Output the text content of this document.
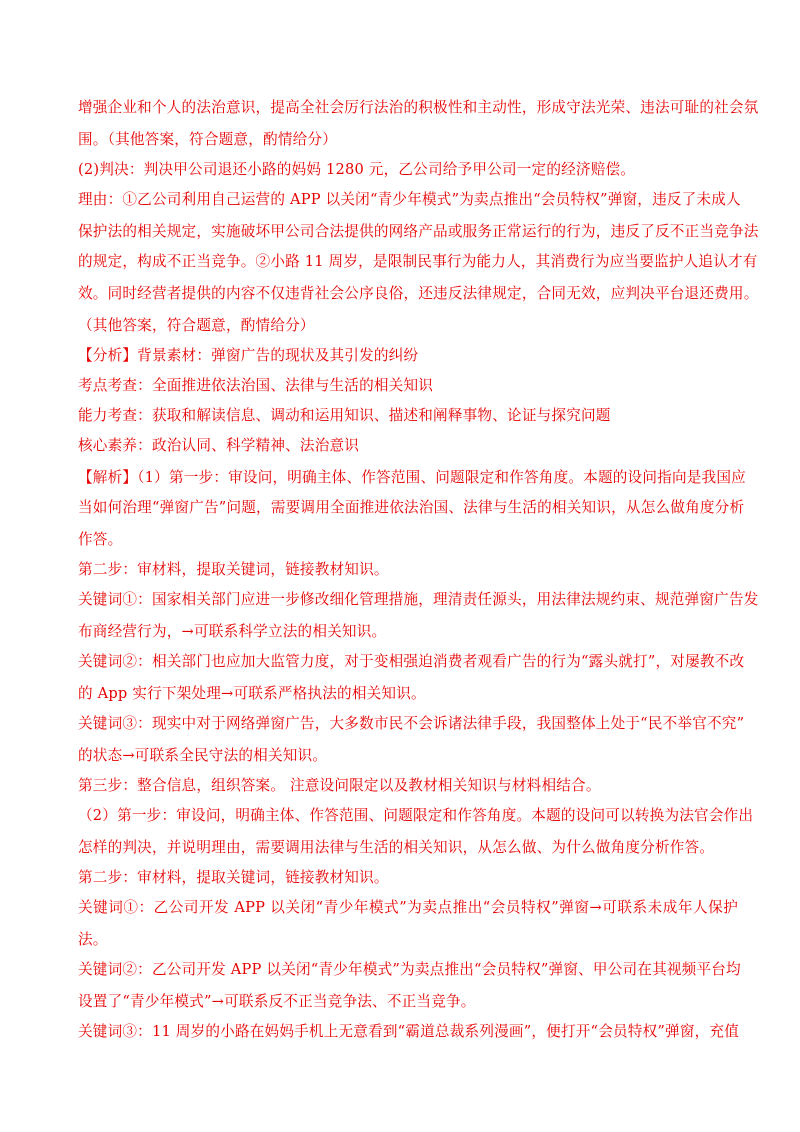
增强企业和个人的法治意识，提高全社会厉行法治的积极性和主动性，形成守法光荣、违法可耻的社会氛
围。（其他答案，符合题意，酌情给分）
(2)判决：判决甲公司退还小路的妈妈 1280 元，乙公司给予甲公司一定的经济赔偿。
理由：①乙公司利用自己运营的 APP 以关闭“青少年模式”为卖点推出“会员特权”弹窗，违反了未成人
保护法的相关规定，实施破坏甲公司合法提供的网络产品或服务正常运行的行为，违反了反不正当竞争法
的规定，构成不正当竞争。②小路 11 周岁，是限制民事行为能力人，其消费行为应当要监护人追认才有
效。同时经营者提供的内容不仅违背社会公序良俗，还违反法律规定，合同无效，应判决平台退还费用。
（其他答案，符合题意，酌情给分）
【分析】背景素材：弹窗广告的现状及其引发的纠纷
考点考查：全面推进依法治国、法律与生活的相关知识
能力考查：获取和解读信息、调动和运用知识、描述和阐释事物、论证与探究问题
核心素养：政治认同、科学精神、法治意识
【解析】（1）第一步：审设问，明确主体、作答范围、问题限定和作答角度。本题的设问指向是我国应
当如何治理“弹窗广告”问题，需要调用全面推进依法治国、法律与生活的相关知识，从怎么做角度分析
作答。
第二步：审材料，提取关键词，链接教材知识。
关键词①：国家相关部门应进一步修改细化管理措施，理清责任源头，用法律法规约束、规范弹窗广告发
布商经营行为，→可联系科学立法的相关知识。
关键词②：相关部门也应加大监管力度，对于变相强迫消费者观看广告的行为“露头就打”，对屡教不改
的 App 实行下架处理→可联系严格执法的相关知识。
关键词③：现实中对于网络弹窗广告，大多数市民不会诉诸法律手段，我国整体上处于“民不举官不究”
的状态→可联系全民守法的相关知识。
第三步：整合信息，组织答案。 注意设问限定以及教材相关知识与材料相结合。
（2）第一步：审设问，明确主体、作答范围、问题限定和作答角度。本题的设问可以转换为法官会作出
怎样的判决，并说明理由，需要调用法律与生活的相关知识，从怎么做、为什么做角度分析作答。
第二步：审材料，提取关键词，链接教材知识。
关键词①：乙公司开发 APP 以关闭“青少年模式”为卖点推出“会员特权”弹窗→可联系未成年人保护
法。
关键词②：乙公司开发 APP 以关闭“青少年模式”为卖点推出“会员特权”弹窗、甲公司在其视频平台均
设置了“青少年模式”→可联系反不正当竞争法、不正当竞争。
关键词③：11 周岁的小路在妈妈手机上无意看到“霸道总裁系列漫画”，便打开“会员特权”弹窗，充值
